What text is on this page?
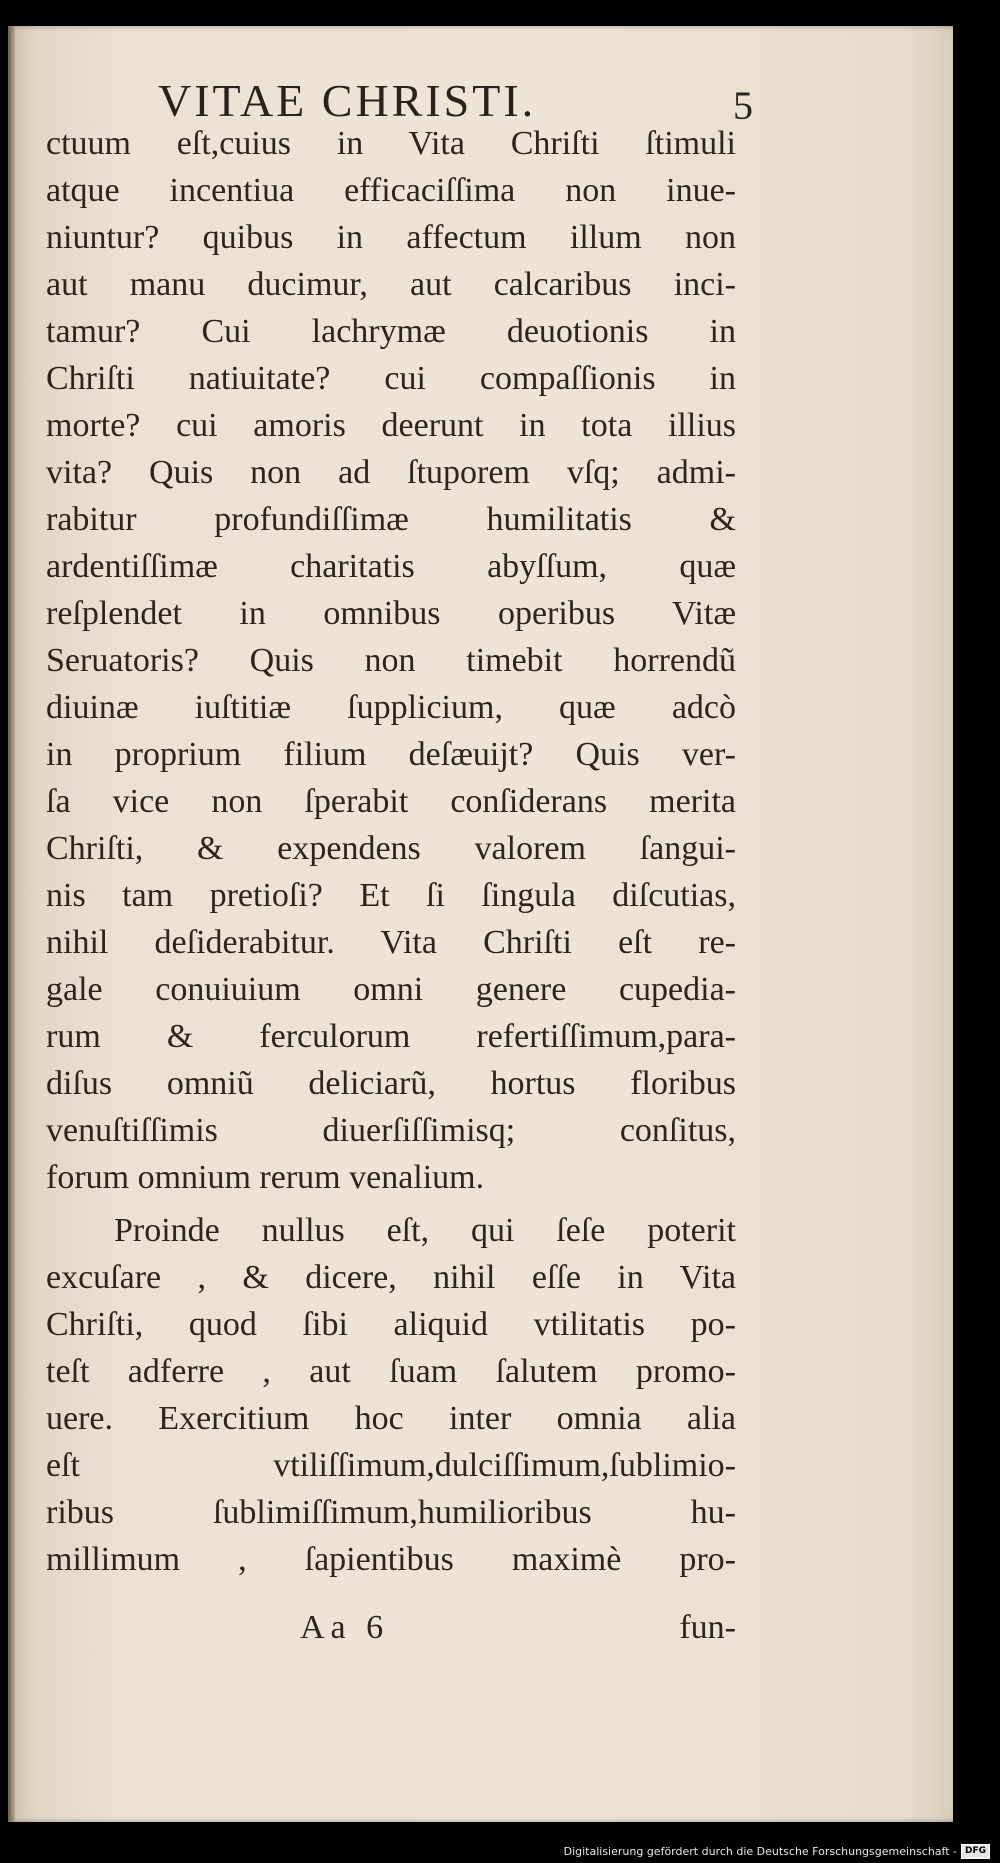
VITAE CHRISTI.	5
ctuum eſt,cuius in Vita Chriſti ſtimuli
atque incentiua efficaciſſima non inue-
niuntur? quibus in affectum illum non
aut manu ducimur, aut calcaribus inci-
tamur? Cui lachrymæ deuotionis in
Chriſti natiuitate? cui compaſſionis in
morte? cui amoris deerunt in tota illius
vita? Quis non ad ſtuporem vſq; admi-
rabitur profundiſſimæ humilitatis &
ardentiſſimæ charitatis abyſſum, quæ
reſplendet in omnibus operibus Vitæ
Seruatoris? Quis non timebit horrendũ
diuinæ iuſtitiæ ſupplicium, quæ adcò
in proprium filium deſæuijt? Quis ver-
ſa vice non ſperabit conſiderans merita
Chriſti, & expendens valorem ſangui-
nis tam pretioſi? Et ſi ſingula diſcutias,
nihil deſiderabitur. Vita Chriſti eſt re-
gale conuiuium omni genere cupedia-
rum & ferculorum refertiſſimum,para-
diſus omniũ deliciarũ, hortus floribus
venuſtiſſimis diuerſiſſimisq; conſitus,
forum omnium rerum venalium.
Proinde nullus eſt, qui ſeſe poterit
excuſare , & dicere, nihil eſſe in Vita
Chriſti, quod ſibi aliquid vtilitatis po-
teſt adferre , aut ſuam ſalutem promo-
uere. Exercitium hoc inter omnia alia
eſt vtiliſſimum,dulciſſimum,ſublimio-
ribus ſublimiſſimum,humilioribus hu-
millimum , ſapientibus maximè pro-
Aa 6	fun-
Digitalisierung gefördert durch die Deutsche Forschungsgemeinschaft - DFG
